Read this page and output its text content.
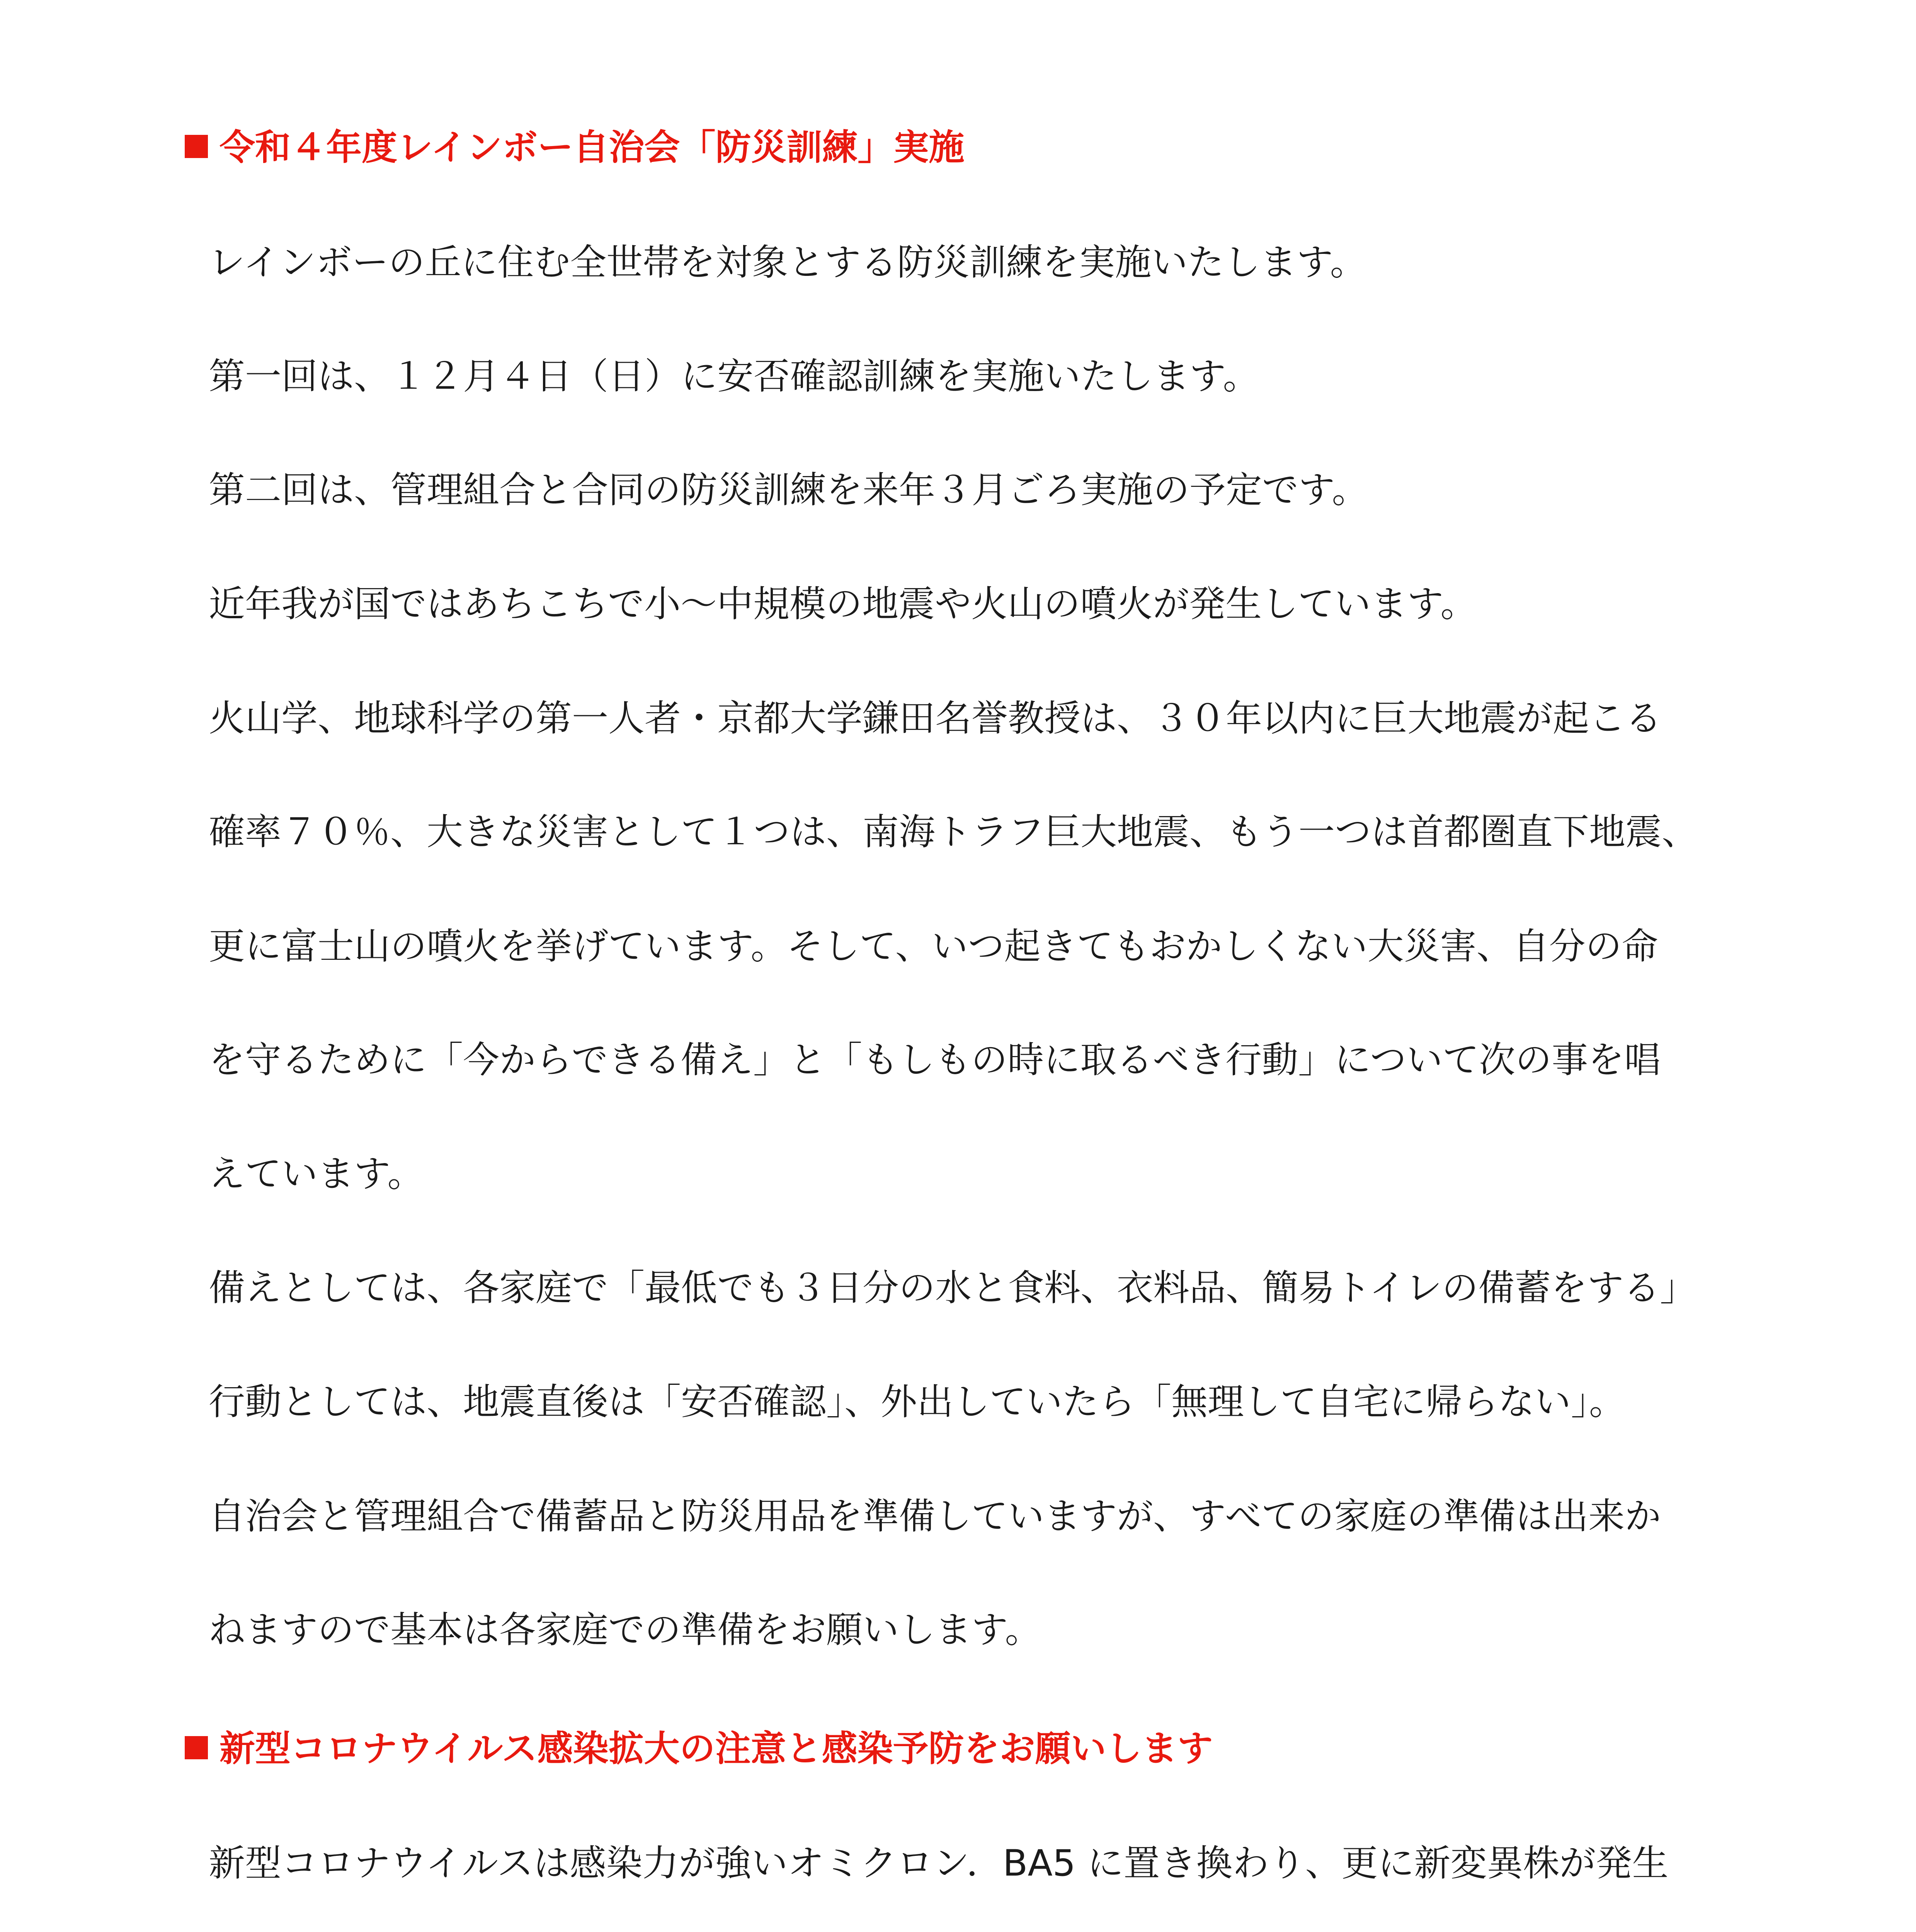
令和４年度レインボー自治会「防災訓練」実施
レインボーの丘に住む全世帯を対象とする防災訓練を実施いたします。
第一回は、１２月４日（日）に安否確認訓練を実施いたします。
第二回は、管理組合と合同の防災訓練を来年３月ごろ実施の予定です。
近年我が国ではあちこちで小～中規模の地震や火山の噴火が発生しています。
火山学、地球科学の第一人者・京都大学鎌田名誉教授は、３０年以内に巨大地震が起こる
確率７０％、大きな災害として１つは、南海トラフ巨大地震、もう一つは首都圏直下地震、
更に富士山の噴火を挙げています。そして、いつ起きてもおかしくない大災害、自分の命
を守るために「今からできる備え」と「もしもの時に取るべき行動」について次の事を唱
えています。
備えとしては、各家庭で「最低でも３日分の水と食料、衣料品、簡易トイレの備蓄をする」
行動としては、地震直後は「安否確認」、外出していたら「無理して自宅に帰らない」。
自治会と管理組合で備蓄品と防災用品を準備していますが、すべての家庭の準備は出来か
ねますので基本は各家庭での準備をお願いします。
新型コロナウイルス感染拡大の注意と感染予防をお願いします
新型コロナウイルスは感染力が強いオミクロン．BA5 に置き換わり、更に新変異株が発生
